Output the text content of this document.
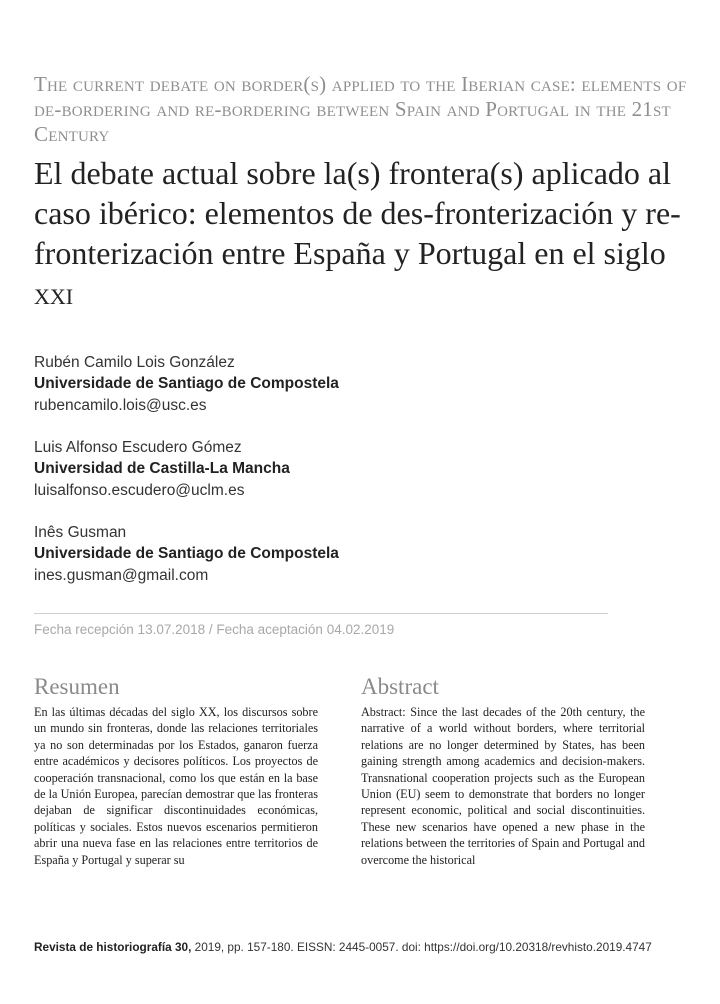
The current debate on border(s) applied to the Iberian case: elements of de-bordering and re-bordering between Spain and Portugal in the 21st Century
El debate actual sobre la(s) frontera(s) aplicado al caso ibérico: elementos de des-fronterización y re-fronterización entre España y Portugal en el siglo xxi
Rubén Camilo Lois González
Universidade de Santiago de Compostela
rubencamilo.lois@usc.es
Luis Alfonso Escudero Gómez
Universidad de Castilla-La Mancha
luisalfonso.escudero@uclm.es
Inês Gusman
Universidade de Santiago de Compostela
ines.gusman@gmail.com
Fecha recepción 13.07.2018 / Fecha aceptación 04.02.2019
Resumen

En las últimas décadas del siglo XX, los discursos sobre un mundo sin fronteras, donde las relaciones territoriales ya no son determinadas por los Estados, ganaron fuerza entre académicos y decisores políticos. Los proyectos de cooperación transnacional, como los que están en la base de la Unión Europea, parecían demostrar que las fronteras dejaban de significar discontinuidades económicas, políticas y sociales. Estos nuevos escenarios permitieron abrir una nueva fase en las relaciones entre territorios de España y Portugal y superar su

Abstract

Abstract: Since the last decades of the 20th century, the narrative of a world without borders, where territorial relations are no longer determined by States, has been gaining strength among academics and decision-makers. Transnational cooperation projects such as the European Union (EU) seem to demonstrate that borders no longer represent economic, political and social discontinuities. These new scenarios have opened a new phase in the relations between the territories of Spain and Portugal and overcome the historical

Revista de historiografía 30, 2019, pp. 157-180. EISSN: 2445-0057. doi: https://doi.org/10.20318/revhisto.2019.4747
